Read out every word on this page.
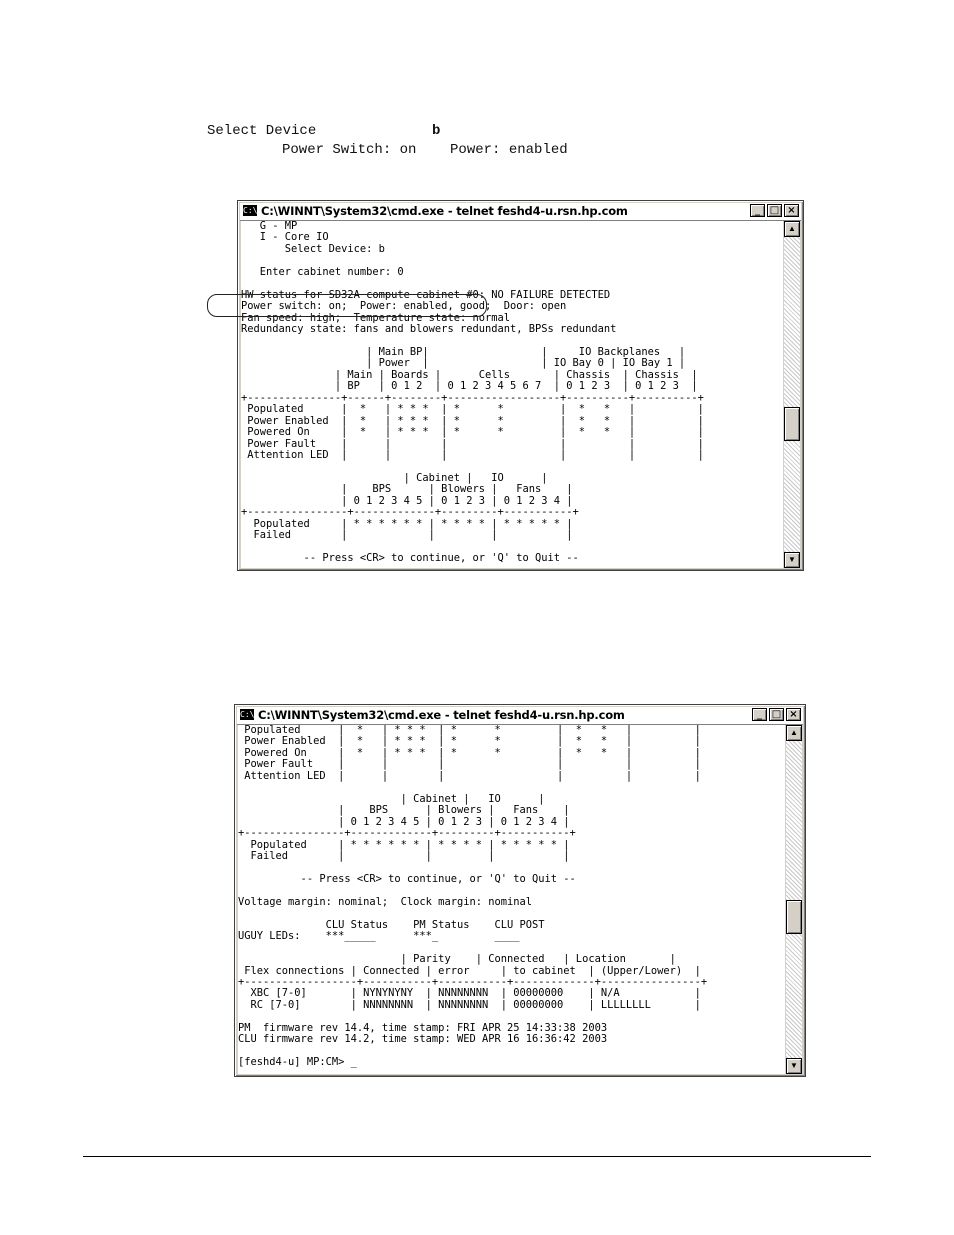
Select Device	b
Power Switch: on    Power: enabled
C:\ C:\WINNT\System32\cmd.exe - telnet feshd4-u.rsn.hp.com	_ □ ×
G - MP
I - Core IO
Select Device: b

Enter cabinet number: 0

HW status for SD32A compute cabinet #0: NO FAILURE DETECTED
Power switch: on;  Power: enabled, good;  Door: open
Fan speed: high;  Temperature state: normal
Redundancy state: fans and blowers redundant, BPSs redundant

| Main BP|                  |     IO Backplanes   |
| Power  |                  | IO Bay 0 | IO Bay 1 |
| Main | Boards |      Cells       | Chassis  | Chassis  |
| BP   | 0 1 2  | 0 1 2 3 4 5 6 7  | 0 1 2 3  | 0 1 2 3  |
+---------------+------+--------+------------------+----------+----------+
Populated      |  *   | * * *  | *      *         |  *   *   |          |
Power Enabled  |  *   | * * *  | *      *         |  *   *   |          |
Powered On     |  *   | * * *  | *      *         |  *   *   |          |
Power Fault    |      |        |                  |          |          |
Attention LED  |      |        |                  |          |          |

| Cabinet |   IO      |
|    BPS      | Blowers |   Fans    |
| 0 1 2 3 4 5 | 0 1 2 3 | 0 1 2 3 4 |
+----------------+-------------+---------+-----------+
Populated     | * * * * * * | * * * * | * * * * * |
Failed        |             |         |           |

-- Press <CR> to continue, or 'Q' to Quit --

▲
▼
C:\ C:\WINNT\System32\cmd.exe - telnet feshd4-u.rsn.hp.com	_ □ ×
Populated      |  *   | * * *  | *      *         |  *   *   |          |
Power Enabled  |  *   | * * *  | *      *         |  *   *   |          |
Powered On     |  *   | * * *  | *      *         |  *   *   |          |
Power Fault    |      |        |                  |          |          |
Attention LED  |      |        |                  |          |          |

| Cabinet |   IO      |
|    BPS      | Blowers |   Fans    |
| 0 1 2 3 4 5 | 0 1 2 3 | 0 1 2 3 4 |
+----------------+-------------+---------+-----------+
Populated     | * * * * * * | * * * * | * * * * * |
Failed        |             |         |           |

-- Press <CR> to continue, or 'Q' to Quit --

Voltage margin: nominal;  Clock margin: nominal

CLU Status    PM Status    CLU POST
UGUY LEDs:    ***_____      ***_         ____

| Parity    | Connected   | Location       |
Flex connections | Connected | error     | to cabinet  | (Upper/Lower)  |
+------------------+-----------+-----------+-------------+----------------+
XBC [7-0]       | NYNYNYNY  | NNNNNNNN  | 00000000    | N/A            |
RC [7-0]        | NNNNNNNN  | NNNNNNNN  | 00000000    | LLLLLLLL       |

PM  firmware rev 14.4, time stamp: FRI APR 25 14:33:38 2003
CLU firmware rev 14.2, time stamp: WED APR 16 16:36:42 2003

[feshd4-u] MP:CM> _

▲
▼
